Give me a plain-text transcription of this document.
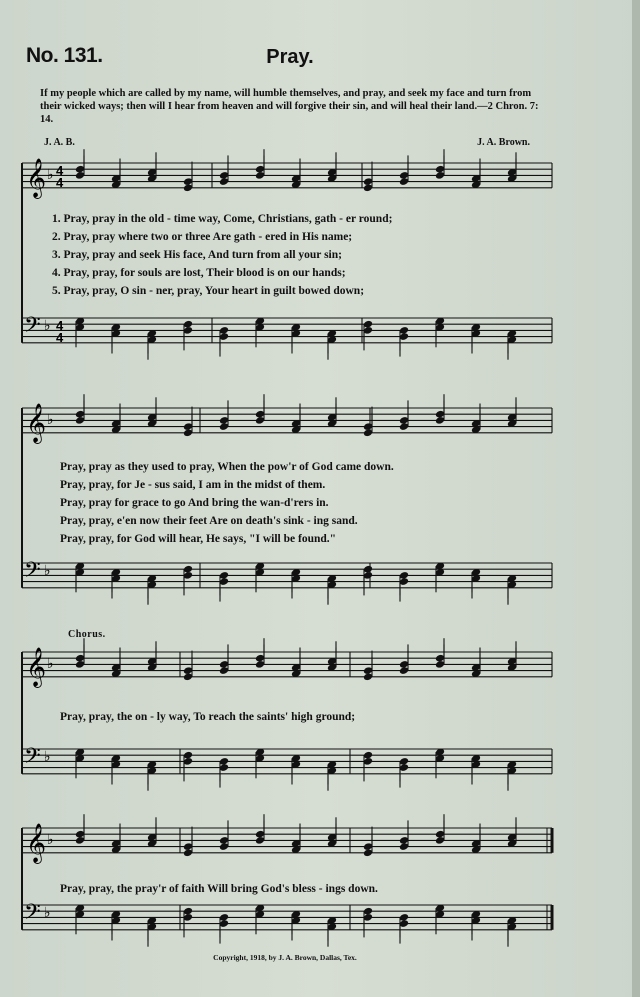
No. 131.	Pray.
If my people which are called by my name, will humble themselves, and pray, and seek my face and turn from their wicked ways; then will I hear from heaven and will forgive their sin, and will heal their land.—2 Chron. 7: 14.
J. A. B.	J. A. Brown.
Chorus.
Copyright, 1918, by J. A. Brown, Dallas, Tex.
𝄞 ♭
𝄢 ♭
4
4
4
4
𝄞 ♭
𝄢 ♭
𝄞 ♭
𝄢 ♭
𝄞 ♭
𝄢 ♭
1. Pray, pray in the old - time way, Come, Christians, gath - er round;
2. Pray, pray where two or three Are gath - ered in His name;
3. Pray, pray and seek His face, And turn from all your sin;
4. Pray, pray, for souls are lost, Their blood is on our hands;
5. Pray, pray, O sin - ner, pray, Your heart in guilt bowed down;
Pray, pray as they used to pray, When the pow'r of God came down.
Pray, pray, for Je - sus said, I am in the midst of them.
Pray, pray for grace to go And bring the wan-d'rers in.
Pray, pray, e'en now their feet Are on death's sink - ing sand.
Pray, pray, for God will hear, He says, "I will be found."
Pray, pray, the on - ly way, To reach the saints' high ground;
Pray, pray, the pray'r of faith Will bring God's bless - ings down.
